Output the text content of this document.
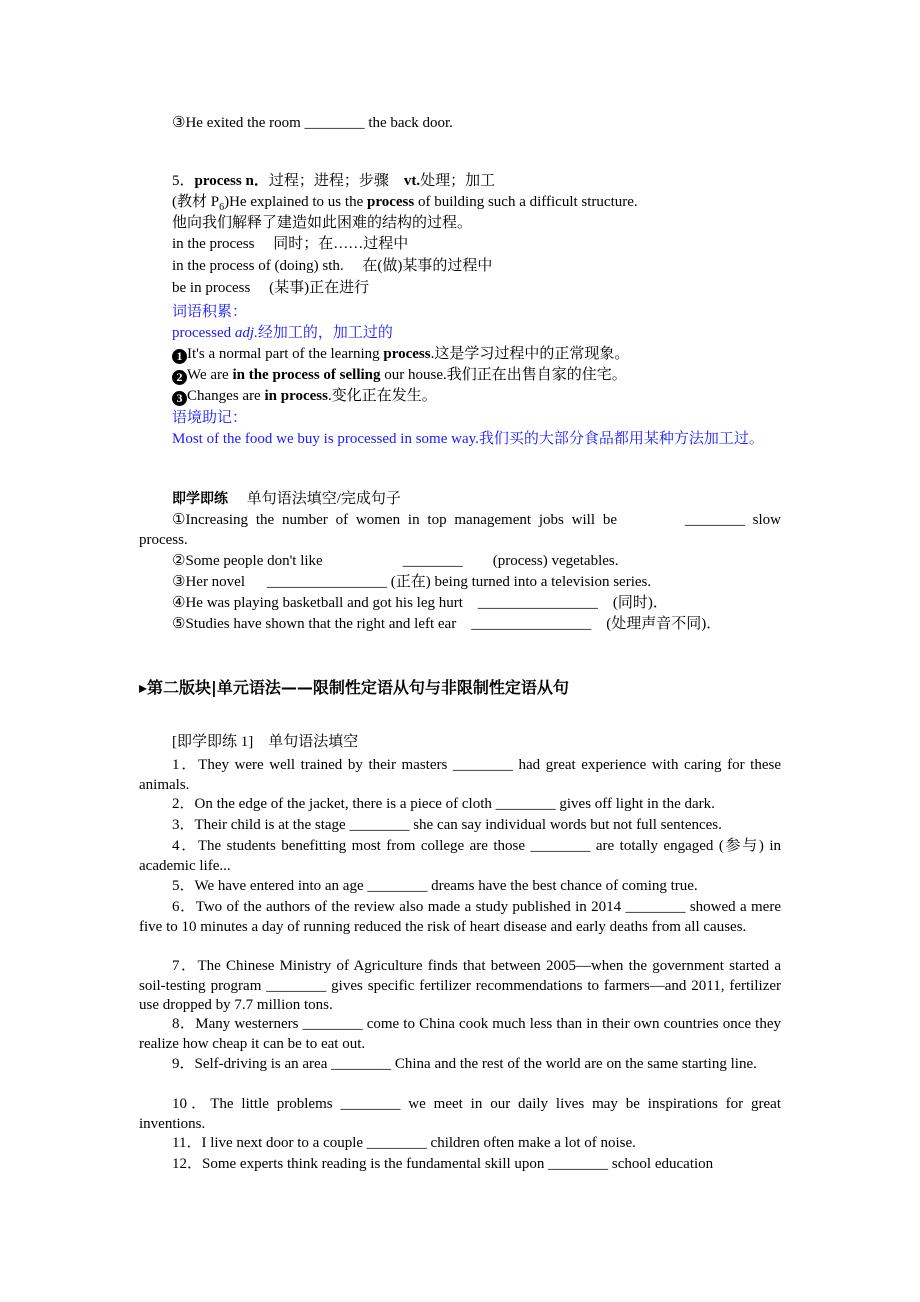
③He exited the room ________ the back door.
5．process n．过程；进程；步骤　 vt.处理；加工
(教材 $P_6)He$ explained to us the process of building such a difficult structure.
他向我们解释了建造如此困难的结构的过程。
in the process　 同时；在……过程中
in the process of (doing) sth.　 在(做)某事的过程中
be in process　 (某事)正在进行
词语积累：
processed adj.经加工的，加工过的
1 It's a normal part of the learning process.这是学习过程中的正常现象。
2 We are in the process of selling our house.我们正在出售自家的住宅。
3 Changes are in process.变化正在发生。
语境助记：
Most of the food we buy is processed in some way.我们买的大部分食品都用某种方法加工过。
即学即练　 单句语法填空/完成句子
①Increasing the number of women in top management jobs will be	________ slow process.
②Some people don't like	________ (process) vegetables.
③Her novel ________________ (正在) being turned into a television series.
④He was playing basketball and got his leg hurt ________________ (同时)．
⑤Studies have shown that the right and left ear ________________ (处理声音不同)．
▸第二版块|单元语法——限制性定语从句与非限制性定语从句
[即学即练 1]　单句语法填空
1．They were well trained by their masters ________ had great experience with caring for these animals.
2．On the edge of the jacket, there is a piece of cloth ________ gives off light in the dark.
3．Their child is at the stage ________ she can say individual words but not full sentences.
4．The students benefitting most from college are those ________ are totally engaged (参与) in academic life...
5．We have entered into an age ________ dreams have the best chance of coming true.
6．Two of the authors of the review also made a study published in 2014 ________ showed a mere five to 10 minutes a day of running reduced the risk of heart disease and early deaths from all causes.
7．The Chinese Ministry of Agriculture finds that between 2005—when the government started a soil-testing program ________ gives specific fertilizer recommendations to farmers—and 2011, fertilizer use dropped by 7.7 million tons.
8．Many westerners ________ come to China cook much less than in their own countries once they realize how cheap it can be to eat out.
9．Self-driving is an area ________ China and the rest of the world are on the same starting line.
10．The little problems ________ we meet in our daily lives may be inspirations for great inventions.
11．I live next door to a couple ________ children often make a lot of noise.
12．Some experts think reading is the fundamental skill upon ________ school education
